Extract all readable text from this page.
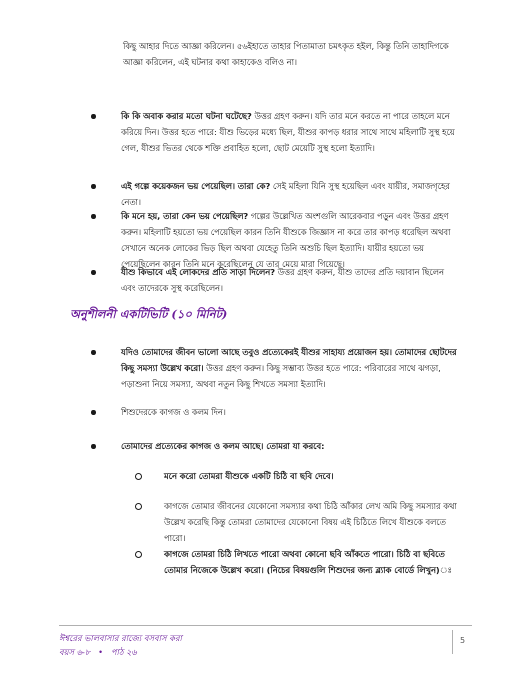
কিছু আহার দিতে আজ্ঞা করিলেন। ৫৬ইহাতে তাহার পিতামাতা চমৎকৃত হইল, কিন্তু তিনি তাহাদিগকে আজ্ঞা করিলেন, এই ঘটনার কথা কাহাকেও বলিও না।

কি কি অবাক করার মতো ঘটনা ঘটেছে? উত্তর গ্রহণ করুন। যদি তার মনে করতে না পারে তাহলে মনে করিয়ে দিন। উত্তর হতে পারে: যীশু ভিড়ের মধ্যে ছিল, যীশুর কাপড় ধরার সাথে সাথে মহিলাটি সুস্থ হয়ে গেল, যীশুর ভিতর থেকে শক্তি প্রবাহিত হলো, ছোট মেয়েটি সুস্থ হলো ইত্যাদি।

এই গল্পে কয়েকজন ভয় পেয়েছিল। তারা কে? সেই মহিলা যিনি সুস্থ হয়েছিল এবং যায়ীর, সমাজগৃহের নেতা।

কি মনে হয়, তারা কেন ভয় পেয়েছিল? গল্পের উল্লেখিত অংশগুলি আরেকবার পড়ুন এবং উত্তর গ্রহণ করুন। মহিলাটি হয়তো ভয় পেয়েছিল কারন তিনি যীশুকে জিজ্ঞাস না করে তার কাপড় ধরেছিল অথবা সেখানে অনেক লোকের ভিড় ছিল অথবা যেহেতু তিনি অশুচি ছিল ইত্যাদি। যায়ীর হয়তো ভয় পেয়েছিলেন কারন তিনি মনে করেছিলেন যে তার মেয়ে মারা গিয়েছে।

যীশু কিভাবে এই লোকদের প্রতি সাড়া দিলেন? উত্তর গ্রহণ করুন, যীশু তাদের প্রতি দয়াবান ছিলেন এবং তাদেরকে সুস্থ করেছিলেন।

অনুশীলনী একটিভিটি (১০ মিনিট)

যদিও তোমাদের জীবন ভালো আছে তবুও প্রত্যেকেরই যীশুর সাহায্য প্রয়োজন হয়। তোমাদের ছোটদের কিছু সমস্যা উল্লেখ করো। উত্তর গ্রহণ করুন। কিছু সম্ভাব্য উত্তর হতে পারে: পরিবারের সাথে ঝগড়া, পড়াশুনা নিয়ে সমস্যা, অথবা নতুন কিছু শিখতে সমস্যা ইত্যাদি।

শিশুদেরকে কাগজ ও কলম দিন।

তোমাদের প্রত্যেকের কাগজ ও কলম আছে। তোমরা যা করবে:

মনে করো তোমরা যীশুকে একটি চিঠি বা ছবি দেবে।

কাগজে তোমার জীবনের যেকোনো সমস্যার কথা চিঠি আঁকার লেখ অমি কিছু সমস্যার কথা উল্লেখ করেছি কিন্তু তোমরা তোমাদের যেকোনো বিষয় এই চিঠিতে লিখে যীশুকে বলতে পারো।

কাগজে তোমরা চিঠি লিখতে পারো অথবা কোনো ছবি আঁকতে পারো। চিঠি বা ছবিতে তোমার নিজেকে উল্লেখ করো। (নিচের বিষয়গুলি শিশুদের জন্য ব্ল্যাক বোর্ডে লিখুন)ঃ

ঈশ্বরের ভালবাসার রাজ্যে বসবাস করা
বয়স ৬-৮   •   পাঠ ২৬
5
